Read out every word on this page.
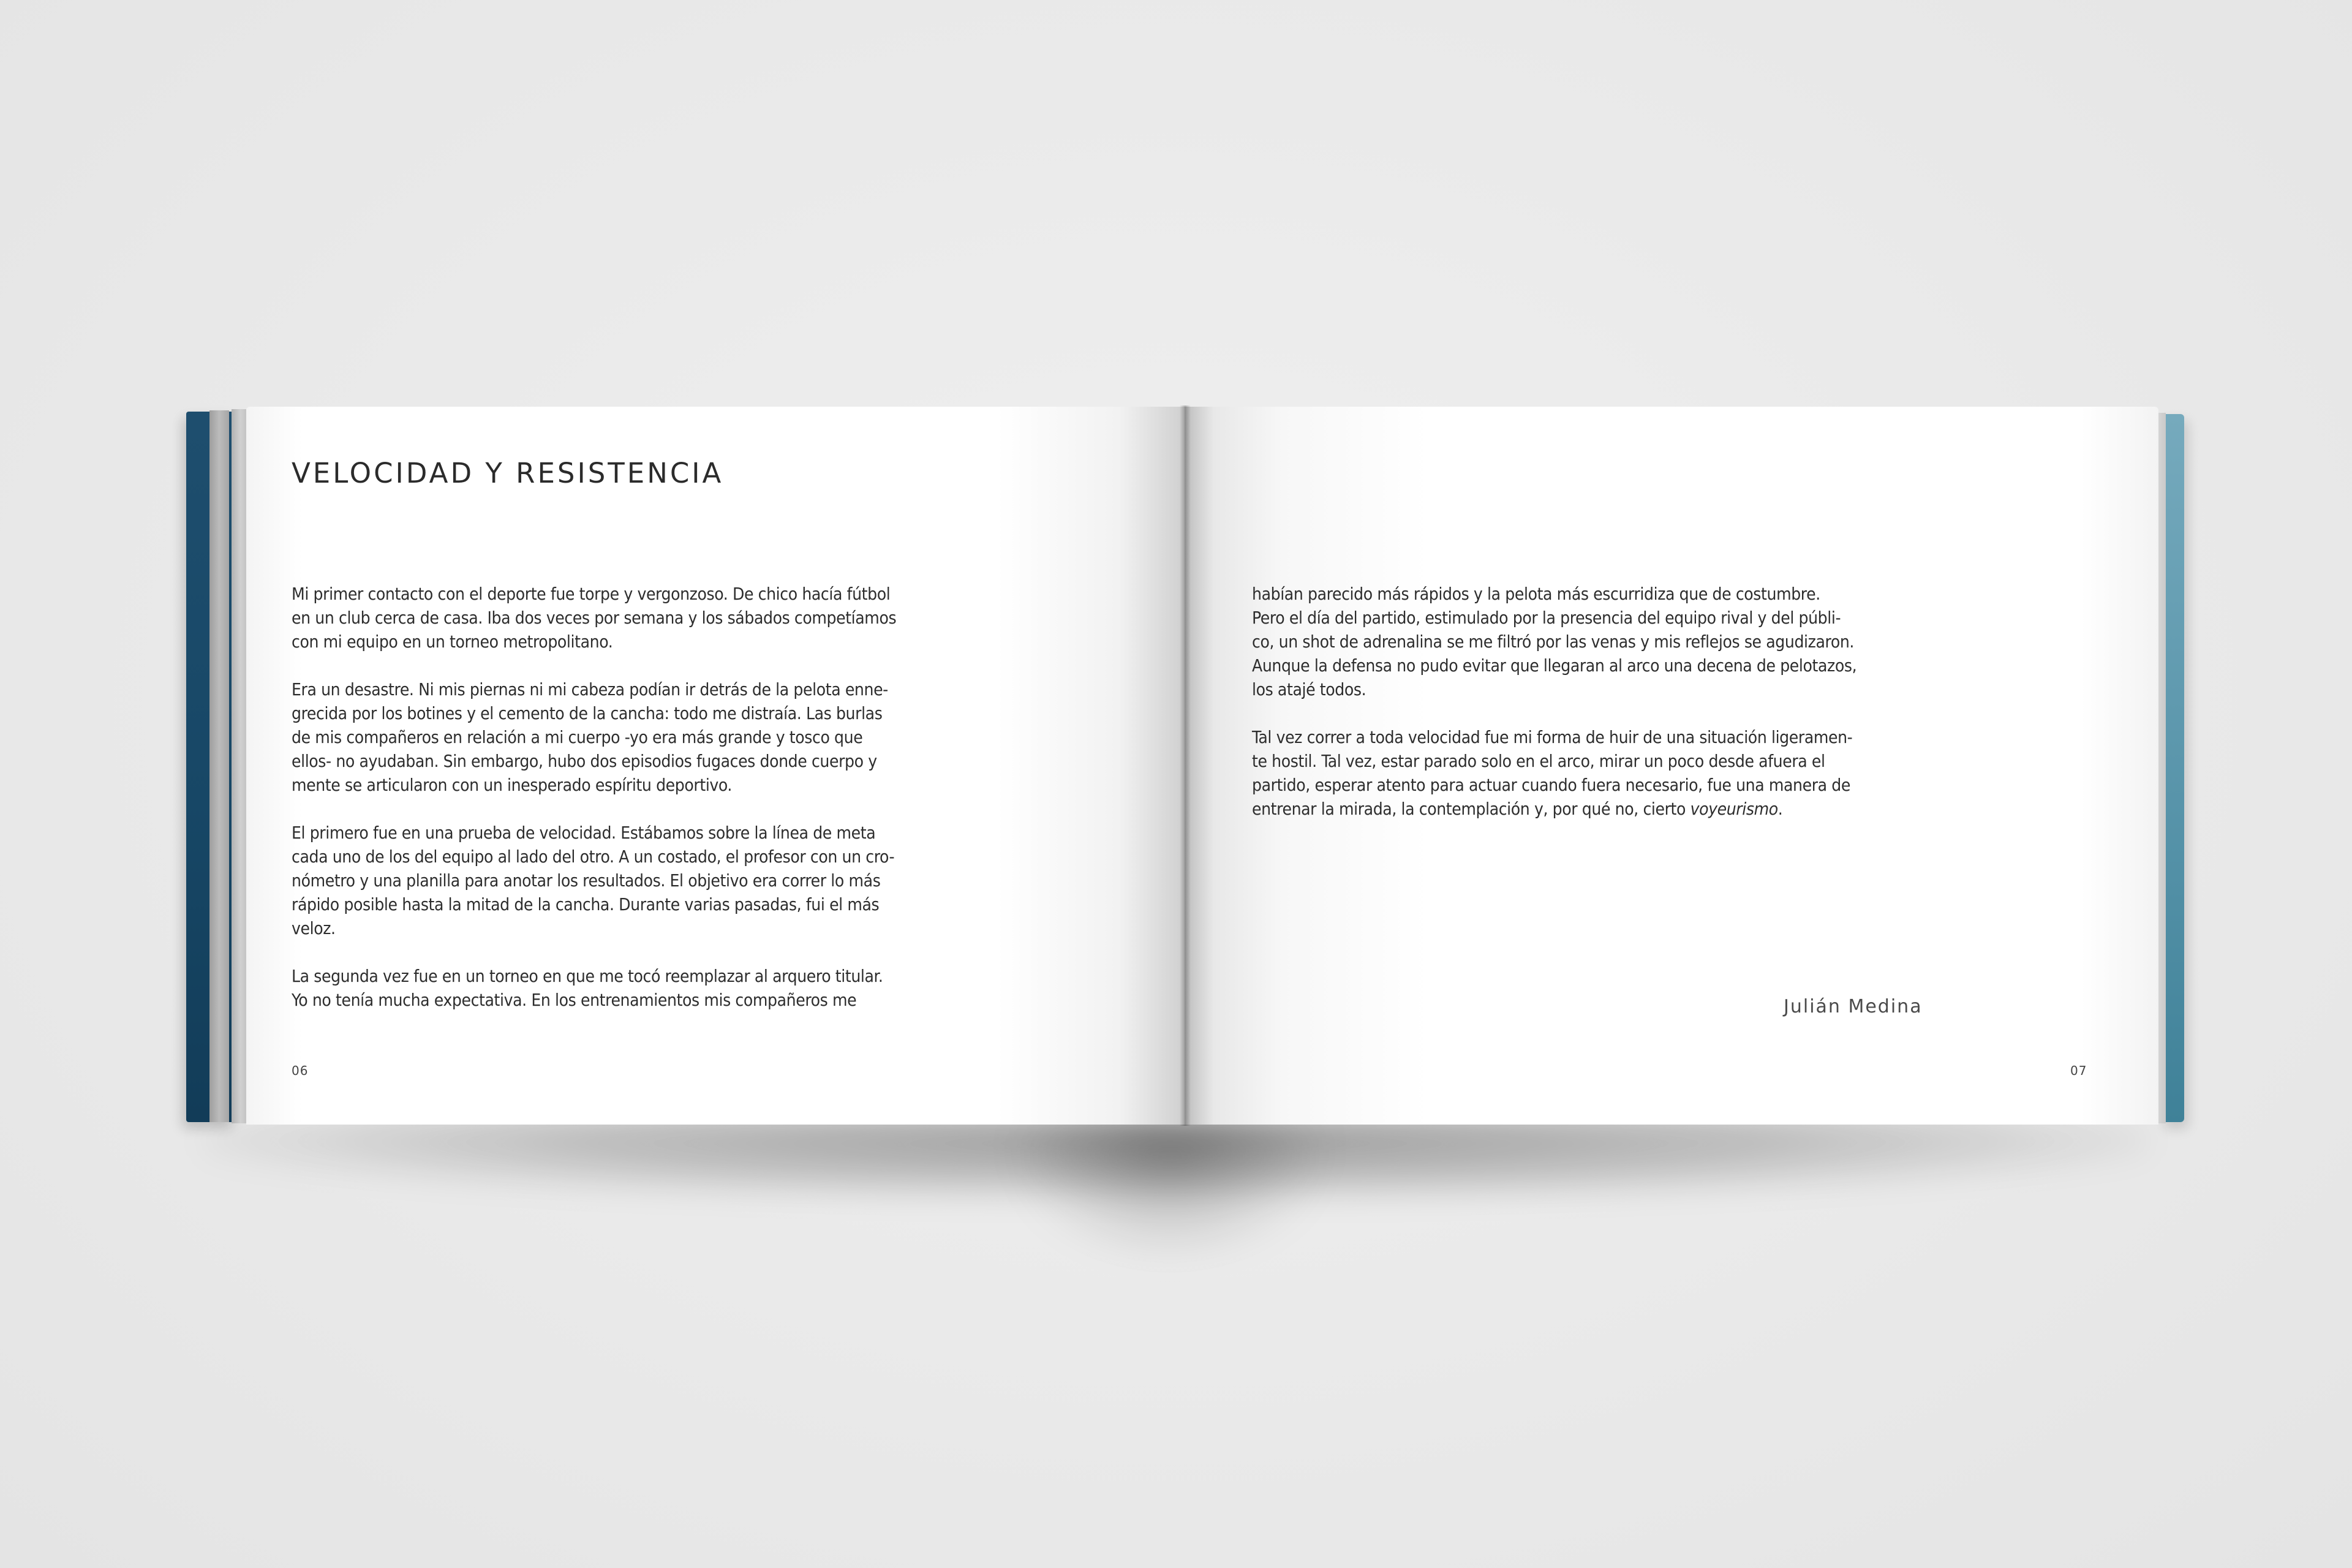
VELOCIDAD Y RESISTENCIA

Mi primer contacto con el deporte fue torpe y vergonzoso. De chico hacía fútbol
en un club cerca de casa. Iba dos veces por semana y los sábados competíamos
con mi equipo en un torneo metropolitano.

Era un desastre. Ni mis piernas ni mi cabeza podían ir detrás de la pelota enne-
grecida por los botines y el cemento de la cancha: todo me distraía. Las burlas
de mis compañeros en relación a mi cuerpo -yo era más grande y tosco que
ellos- no ayudaban. Sin embargo, hubo dos episodios fugaces donde cuerpo y
mente se articularon con un inesperado espíritu deportivo.

El primero fue en una prueba de velocidad. Estábamos sobre la línea de meta
cada uno de los del equipo al lado del otro. A un costado, el profesor con un cro-
nómetro y una planilla para anotar los resultados. El objetivo era correr lo más
rápido posible hasta la mitad de la cancha. Durante varias pasadas, fui el más
veloz.

La segunda vez fue en un torneo en que me tocó reemplazar al arquero titular.
Yo no tenía mucha expectativa. En los entrenamientos mis compañeros me

06

habían parecido más rápidos y la pelota más escurridiza que de costumbre.
Pero el día del partido, estimulado por la presencia del equipo rival y del públi-
co, un shot de adrenalina se me filtró por las venas y mis reflejos se agudizaron.
Aunque la defensa no pudo evitar que llegaran al arco una decena de pelotazos,
los atajé todos.

Tal vez correr a toda velocidad fue mi forma de huir de una situación ligeramen-
te hostil. Tal vez, estar parado solo en el arco, mirar un poco desde afuera el
partido, esperar atento para actuar cuando fuera necesario, fue una manera de
entrenar la mirada, la contemplación y, por qué no, cierto voyeurismo.

Julián Medina
07
